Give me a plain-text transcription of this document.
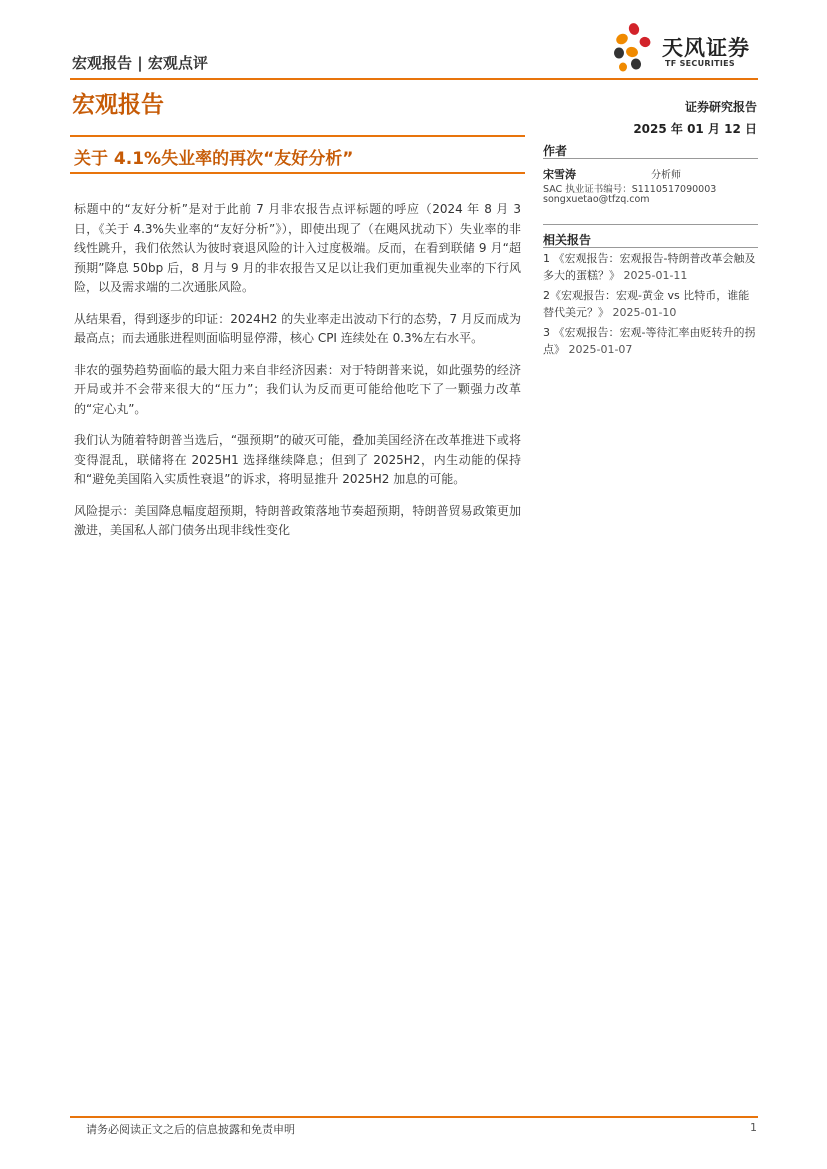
宏观报告 | 宏观点评
天风证券
TF SECURITIES
宏观报告	证券研究报告
2025 年 01 月 12 日
关于 4.1%失业率的再次“友好分析”

标题中的“友好分析”是对于此前 7 月非农报告点评标题的呼应（2024 年 8 月 3 日，《关于 4.3%失业率的“友好分析”》），即使出现了（在飓风扰动下）失业率的非线性跳升，我们依然认为彼时衰退风险的计入过度极端。反而，在看到联储 9 月“超预期”降息 50bp 后，8 月与 9 月的非农报告又足以让我们更加重视失业率的下行风险，以及需求端的二次通胀风险。

从结果看，得到逐步的印证：2024H2 的失业率走出波动下行的态势，7 月反而成为最高点；而去通胀进程则面临明显停滞，核心 CPI 连续处在 0.3%左右水平。

非农的强势趋势面临的最大阻力来自非经济因素：对于特朗普来说，如此强势的经济开局或并不会带来很大的“压力”；我们认为反而更可能给他吃下了一颗强力改革的“定心丸”。

我们认为随着特朗普当选后，“强预期”的破灭可能，叠加美国经济在改革推进下或将变得混乱，联储将在 2025H1 选择继续降息；但到了 2025H2，内生动能的保持和“避免美国陷入实质性衰退”的诉求，将明显推升 2025H2 加息的可能。

风险提示：美国降息幅度超预期，特朗普政策落地节奏超预期，特朗普贸易政策更加激进，美国私人部门债务出现非线性变化

作者
宋雪涛	分析师
SAC 执业证书编号：S1110517090003
songxuetao@tfzq.com
相关报告
1 《宏观报告：宏观报告-特朗普改革会触及多大的蛋糕？》 2025-01-11
2《宏观报告：宏观-黄金 vs 比特币，谁能替代美元？》 2025-01-10
3 《宏观报告：宏观-等待汇率由贬转升的拐点》 2025-01-07
请务必阅读正文之后的信息披露和免责申明	1
